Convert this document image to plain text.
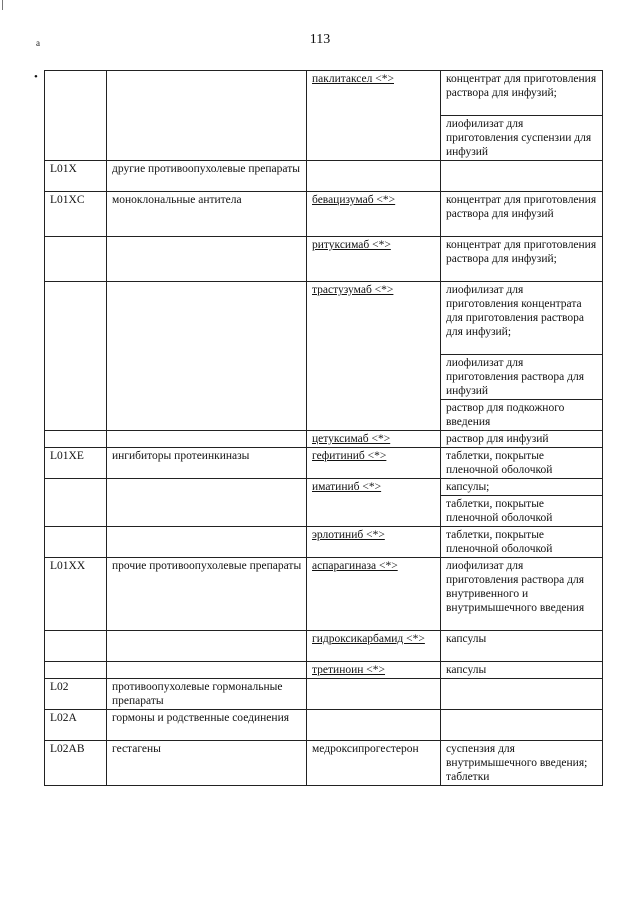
a
•
113
		паклитаксел <*>	концентрат для приготовления раствора для инфузий;
			лиофилизат для приготовления суспензии для инфузий
L01X	другие противоопухолевые препараты		
L01XC	моноклональные антитела	бевацизумаб <*>	концентрат для приготовления раствора для инфузий
		ритуксимаб <*>	концентрат для приготовления раствора для инфузий;
		трастузумаб <*>	лиофилизат для приготовления концентрата для приготовления раствора для инфузий;
			лиофилизат для приготовления раствора для инфузий
			раствор для подкожного введения
		цетуксимаб <*>	раствор для инфузий
L01XE	ингибиторы протеинкиназы	гефитиниб <*>	таблетки, покрытые пленочной оболочкой
		иматиниб <*>	капсулы;
			таблетки, покрытые пленочной оболочкой
		эрлотиниб <*>	таблетки, покрытые пленочной оболочкой
L01XX	прочие противоопухолевые препараты	аспарагиназа <*>	лиофилизат для приготовления раствора для внутривенного и внутримышечного введения
		гидроксикарбамид <*>	капсулы
		третиноин <*>	капсулы
L02	противоопухолевые гормональные препараты		
L02A	гормоны и родственные соединения		
L02AB	гестагены	медроксипрогестерон	суспензия для внутримышечного введения; таблетки
